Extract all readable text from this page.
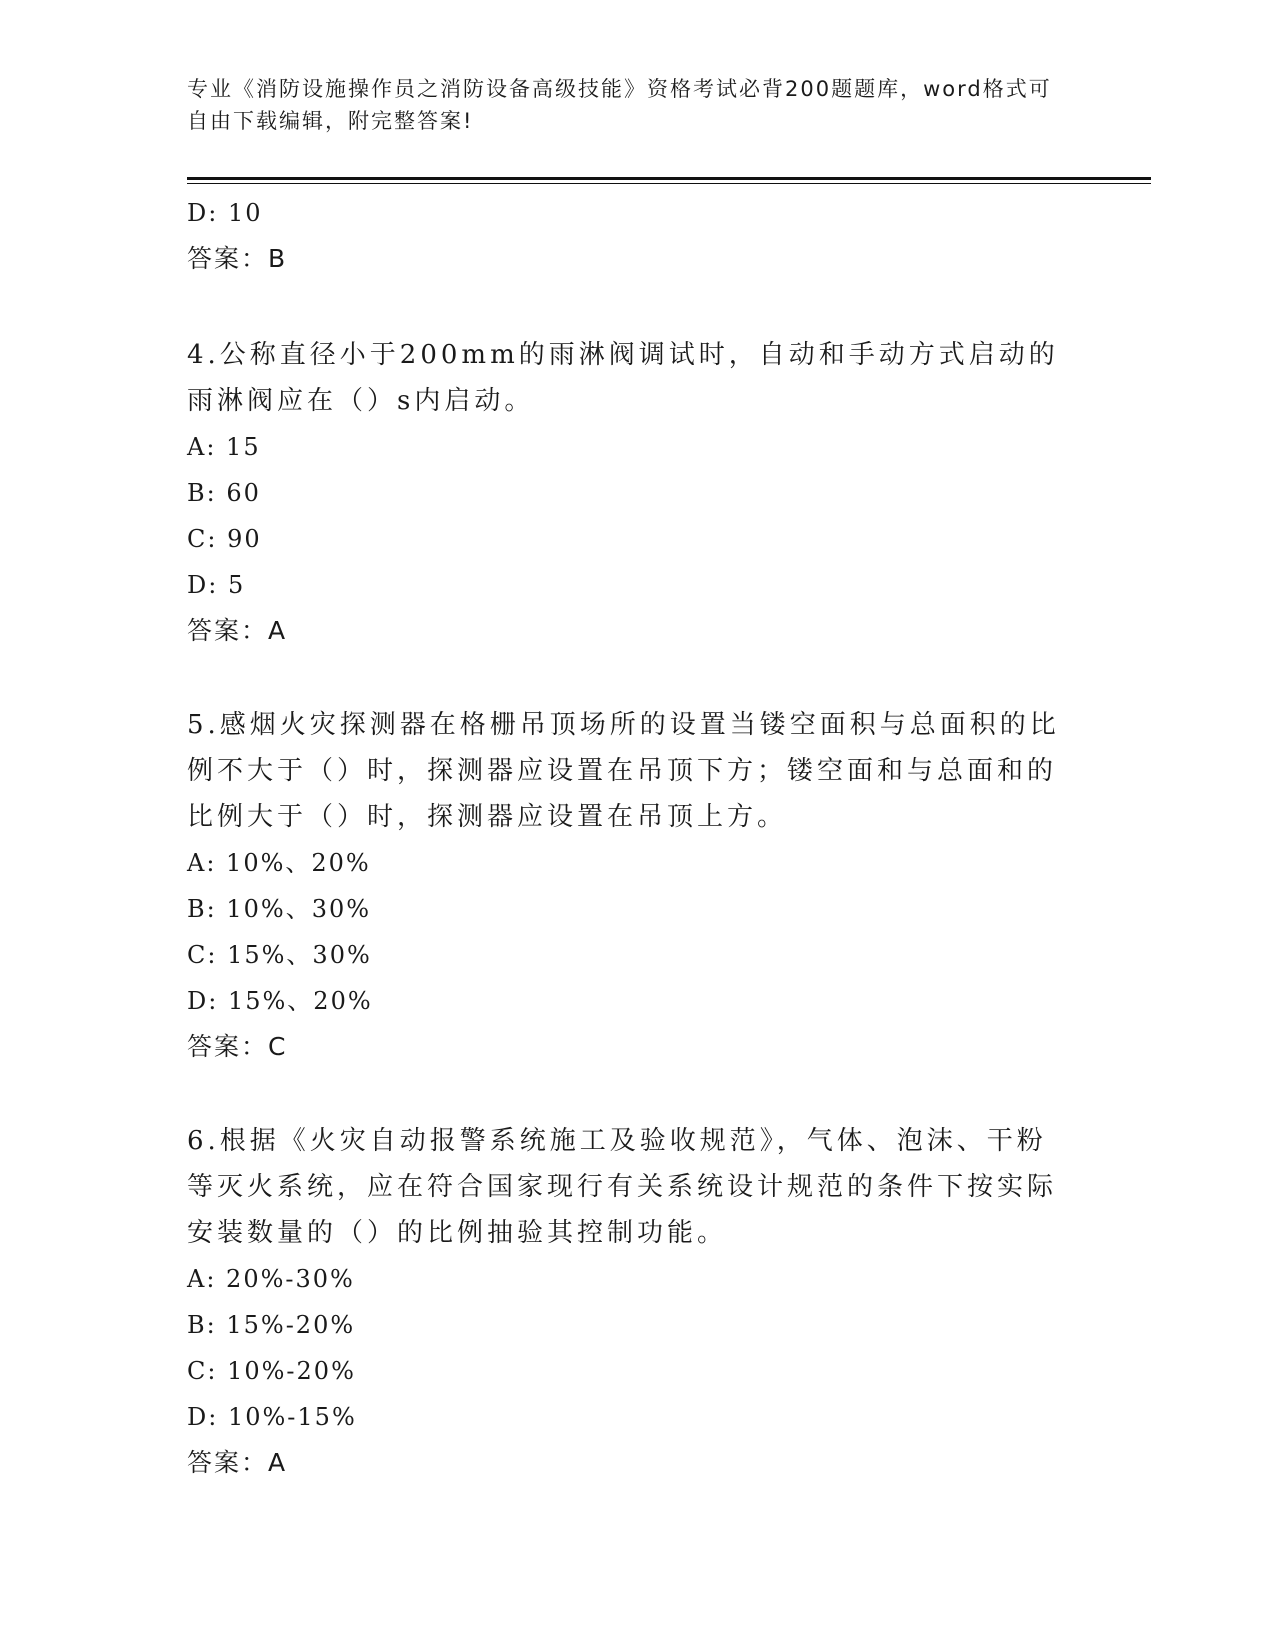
专业《消防设施操作员之消防设备高级技能》资格考试必背200题题库，word格式可自由下载编辑，附完整答案!
D: 10
答案：B
4.公称直径小于200mm的雨淋阀调试时，自动和手动方式启动的雨淋阀应在（）s内启动。
A: 15
B: 60
C: 90
D: 5
答案：A
5.感烟火灾探测器在格栅吊顶场所的设置当镂空面积与总面积的比例不大于（）时，探测器应设置在吊顶下方；镂空面和与总面和的比例大于（）时，探测器应设置在吊顶上方。
A: 10%、20%
B: 10%、30%
C: 15%、30%
D: 15%、20%
答案：C
6.根据《火灾自动报警系统施工及验收规范》，气体、泡沫、干粉等灭火系统，应在符合国家现行有关系统设计规范的条件下按实际安装数量的（）的比例抽验其控制功能。
A: 20%-30%
B: 15%-20%
C: 10%-20%
D: 10%-15%
答案：A
